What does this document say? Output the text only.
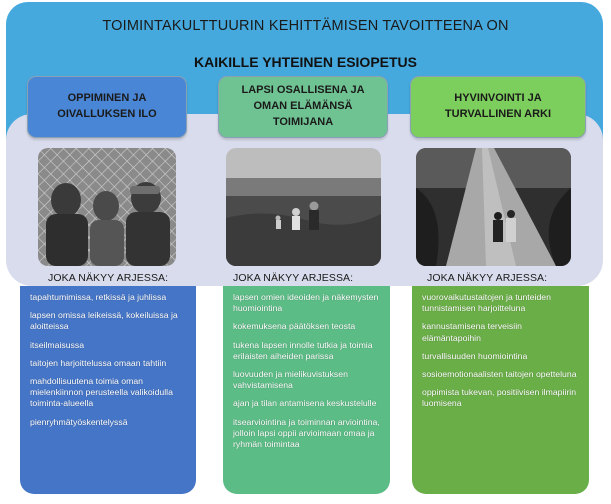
TOIMINTAKULTTUURIN KEHITTÄMISEN TAVOITTEENA ON
KAIKILLE YHTEINEN ESIOPETUS
OPPIMINEN JA
OIVALLUKSEN ILO
LAPSI OSALLISENA JA
OMAN ELÄMÄNSÄ
TOIMIJANA
HYVINVOINTI JA
TURVALLINEN ARKI
JOKA NÄKYY ARJESSA:	JOKA NÄKYY ARJESSA:	JOKA NÄKYY ARJESSA:
tapahtumimissa, retkissä ja juhlissa
lapsen omissa leikeissä, kokeiluissa ja aloitteissa
itseilmaisussa
taitojen harjoittelussa omaan tahtiin
mahdollisuutena toimia oman mielenkiinnon perusteella valikoidulla toiminta-alueella
pienryhmätyöskentelyssä
lapsen omien ideoiden ja näkemysten huomiointina
kokemuksena päätöksen teosta
tukena lapsen innolle tutkia ja toimia erilaisten aiheiden parissa
luovuuden ja mielikuvistuksen vahvistamisena
ajan ja tilan antamisena keskustelulle
itsearviointina ja toiminnan arviointina, jolloin lapsi oppii arvioimaan omaa ja ryhmän toimintaa
vuorovaikutustaitojen ja tunteiden tunnistamisen harjoitteluna
kannustamisena terveisiin elämäntapoihin
turvallisuuden huomiointina
sosioemotionaalisten taitojen opetteluna
oppimista tukevan, positiivisen ilmapiirin luomisena
